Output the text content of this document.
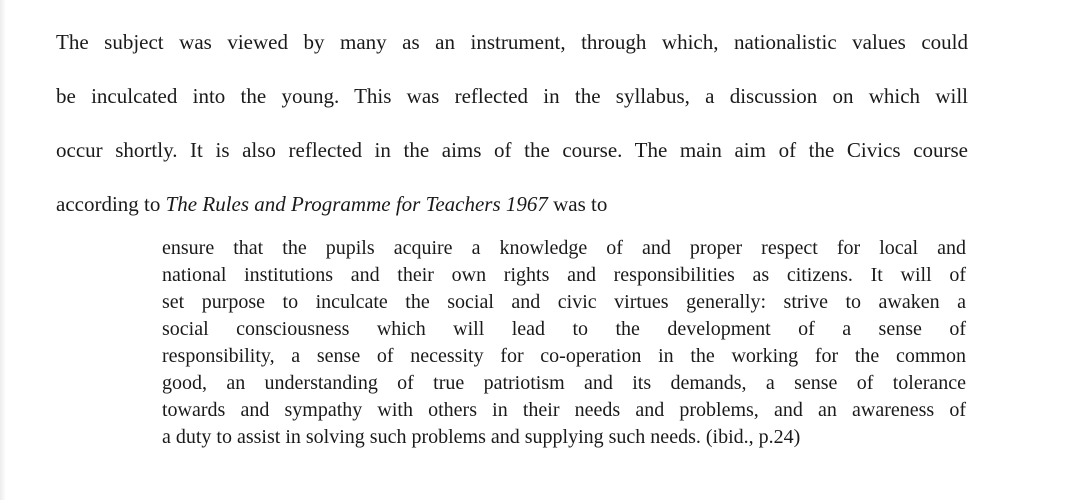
The subject was viewed by many as an instrument, through which, nationalistic values could
be inculcated into the young. This was reflected in the syllabus, a discussion on which will
occur shortly. It is also reflected in the aims of the course. The main aim of the Civics course
according to The Rules and Programme for Teachers 1967 was to
ensure that the pupils acquire a knowledge of and proper respect for local and
national institutions and their own rights and responsibilities as citizens. It will of
set purpose to inculcate the social and civic virtues generally: strive to awaken a
social consciousness which will lead to the development of a sense of
responsibility, a sense of necessity for co-operation in the working for the common
good, an understanding of true patriotism and its demands, a sense of tolerance
towards and sympathy with others in their needs and problems, and an awareness of
a duty to assist in solving such problems and supplying such needs. (ibid., p.24)
